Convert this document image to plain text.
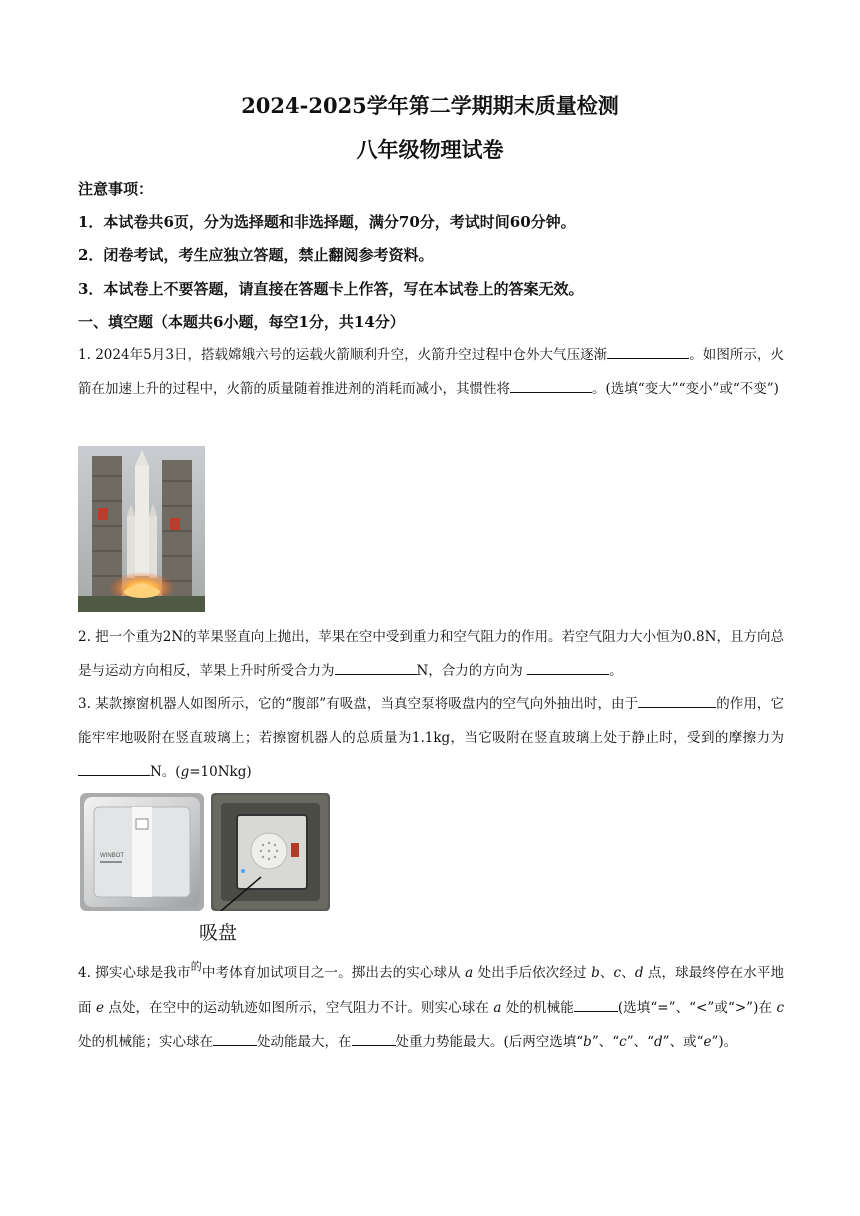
2024-2025学年第二学期期末质量检测
八年级物理试卷
注意事项：
1．本试卷共6页，分为选择题和非选择题，满分70分，考试时间60分钟。
2．闭卷考试，考生应独立答题，禁止翻阅参考资料。
3．本试卷上不要答题，请直接在答题卡上作答，写在本试卷上的答案无效。
一、填空题（本题共6小题，每空1分，共14分）

1. 2024年5月3日，搭载嫦娥六号的运载火箭顺利升空，火箭升空过程中仓外大气压逐渐	。如图所示，火箭在加速上升的过程中，火箭的质量随着推进剂的消耗而减小，其惯性将	。(选填“变大”“变小”或“不变”)

2. 把一个重为2N的苹果竖直向上抛出，苹果在空中受到重力和空气阻力的作用。若空气阻力大小恒为0.8N，且方向总是与运动方向相反，苹果上升时所受合力为	N，合力的方向为	。

3. 某款擦窗机器人如图所示，它的“腹部”有吸盘，当真空泵将吸盘内的空气向外抽出时，由于	的作用，它能牢牢地吸附在竖直玻璃上；若擦窗机器人的总质量为1.1kg，当它吸附在竖直玻璃上处于静止时，受到的摩擦力为N。(g=10Nkg)

WINBOT
吸盘

4. 掷实心球是我市$^的$中考体育加试项目之一。掷出去的实心球从 a 处出手后依次经过 b、c、d 点，球最终停在水平地面 e 点处，在空中的运动轨迹如图所示，空气阻力不计。则实心球在 a 处的机械能	(选填“=”、“<”或“>”)在 c 处的机械能；实心球在	处动能最大，在	处重力势能最大。(后两空选填“b”、“c”、“d”、或“e”)。
